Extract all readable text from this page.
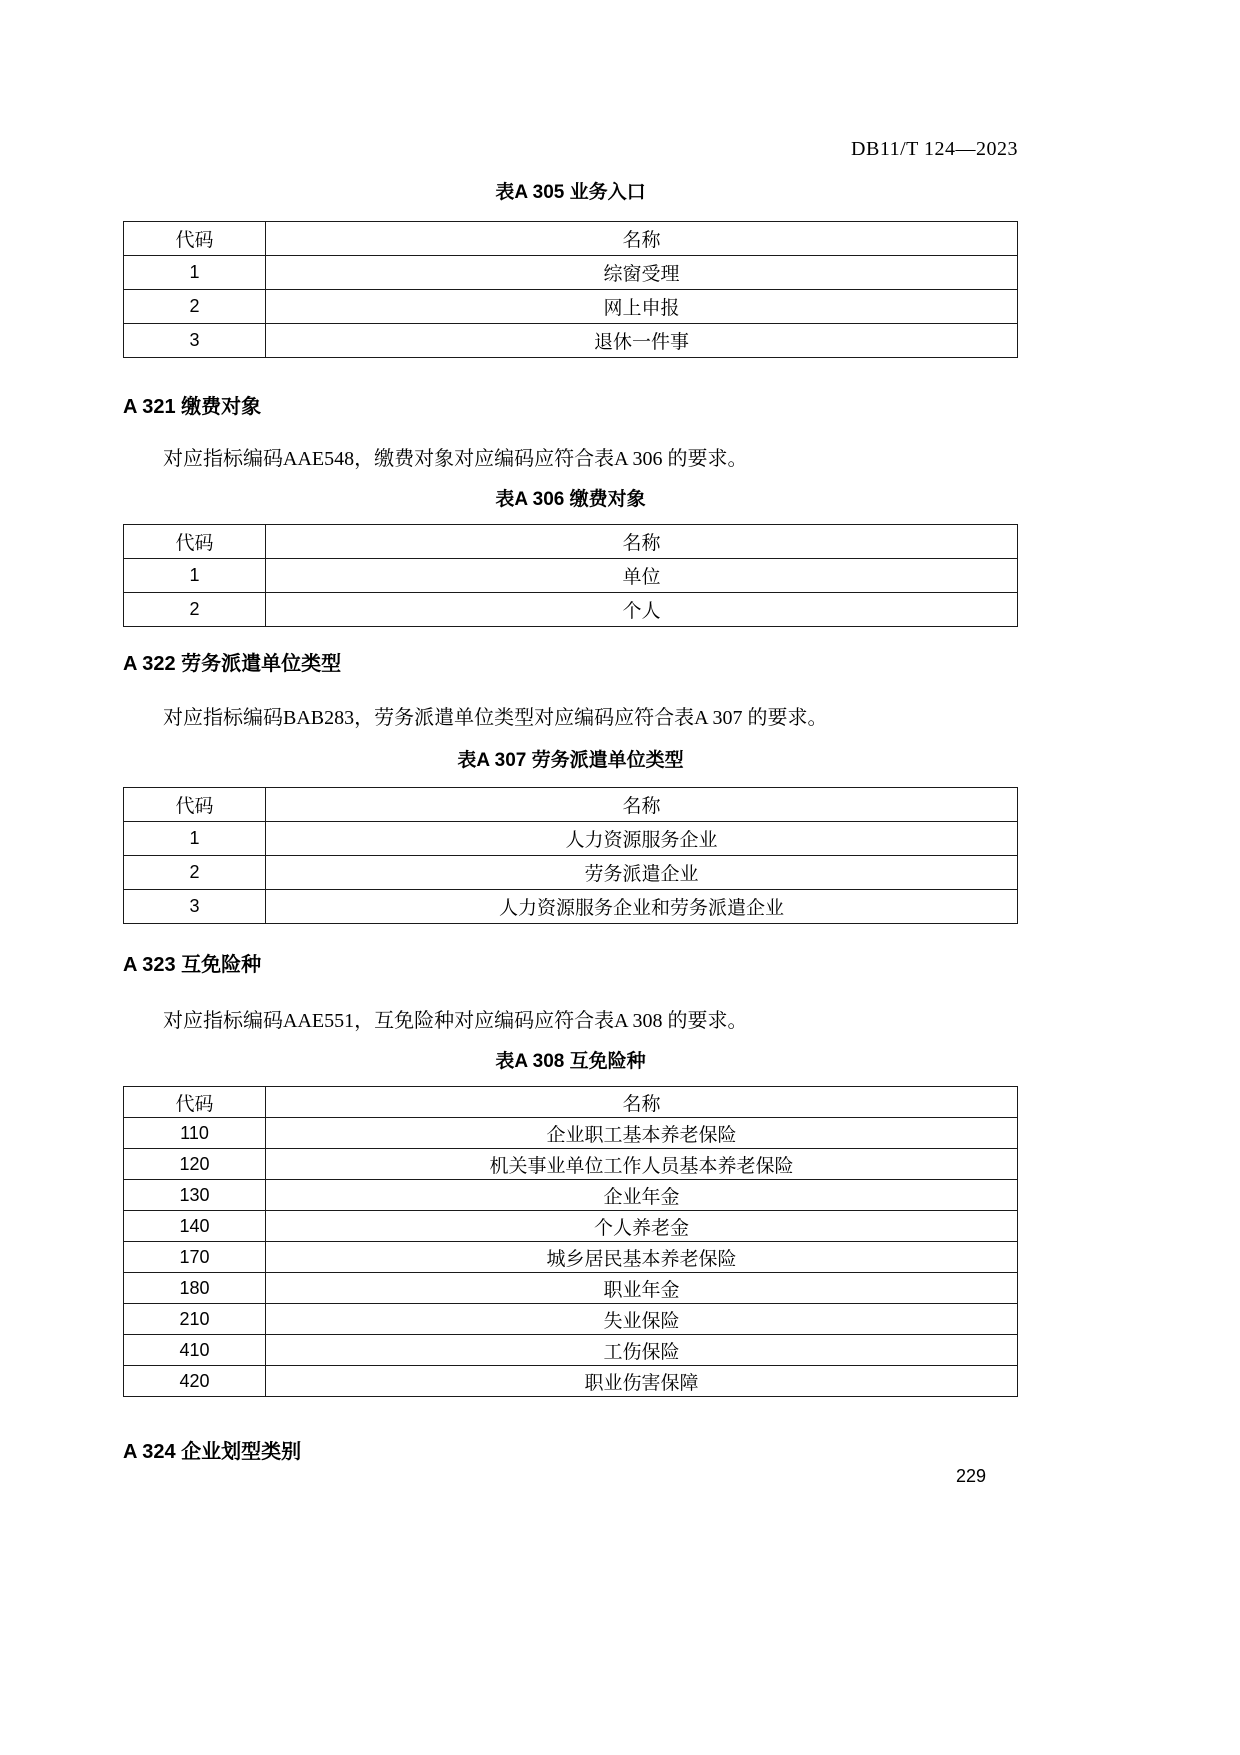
DB11/T 124—2023
表A 305 业务入口
代码	名称
1	综窗受理
2	网上申报
3	退休一件事
A 321 缴费对象
对应指标编码AAE548，缴费对象对应编码应符合表A 306 的要求。
表A 306 缴费对象
代码	名称
1	单位
2	个人
A 322 劳务派遣单位类型
对应指标编码BAB283，劳务派遣单位类型对应编码应符合表A 307 的要求。
表A 307 劳务派遣单位类型
代码	名称
1	人力资源服务企业
2	劳务派遣企业
3	人力资源服务企业和劳务派遣企业
A 323 互免险种
对应指标编码AAE551，互免险种对应编码应符合表A 308 的要求。
表A 308 互免险种
代码	名称
110	企业职工基本养老保险
120	机关事业单位工作人员基本养老保险
130	企业年金
140	个人养老金
170	城乡居民基本养老保险
180	职业年金
210	失业保险
410	工伤保险
420	职业伤害保障
A 324 企业划型类别
229
